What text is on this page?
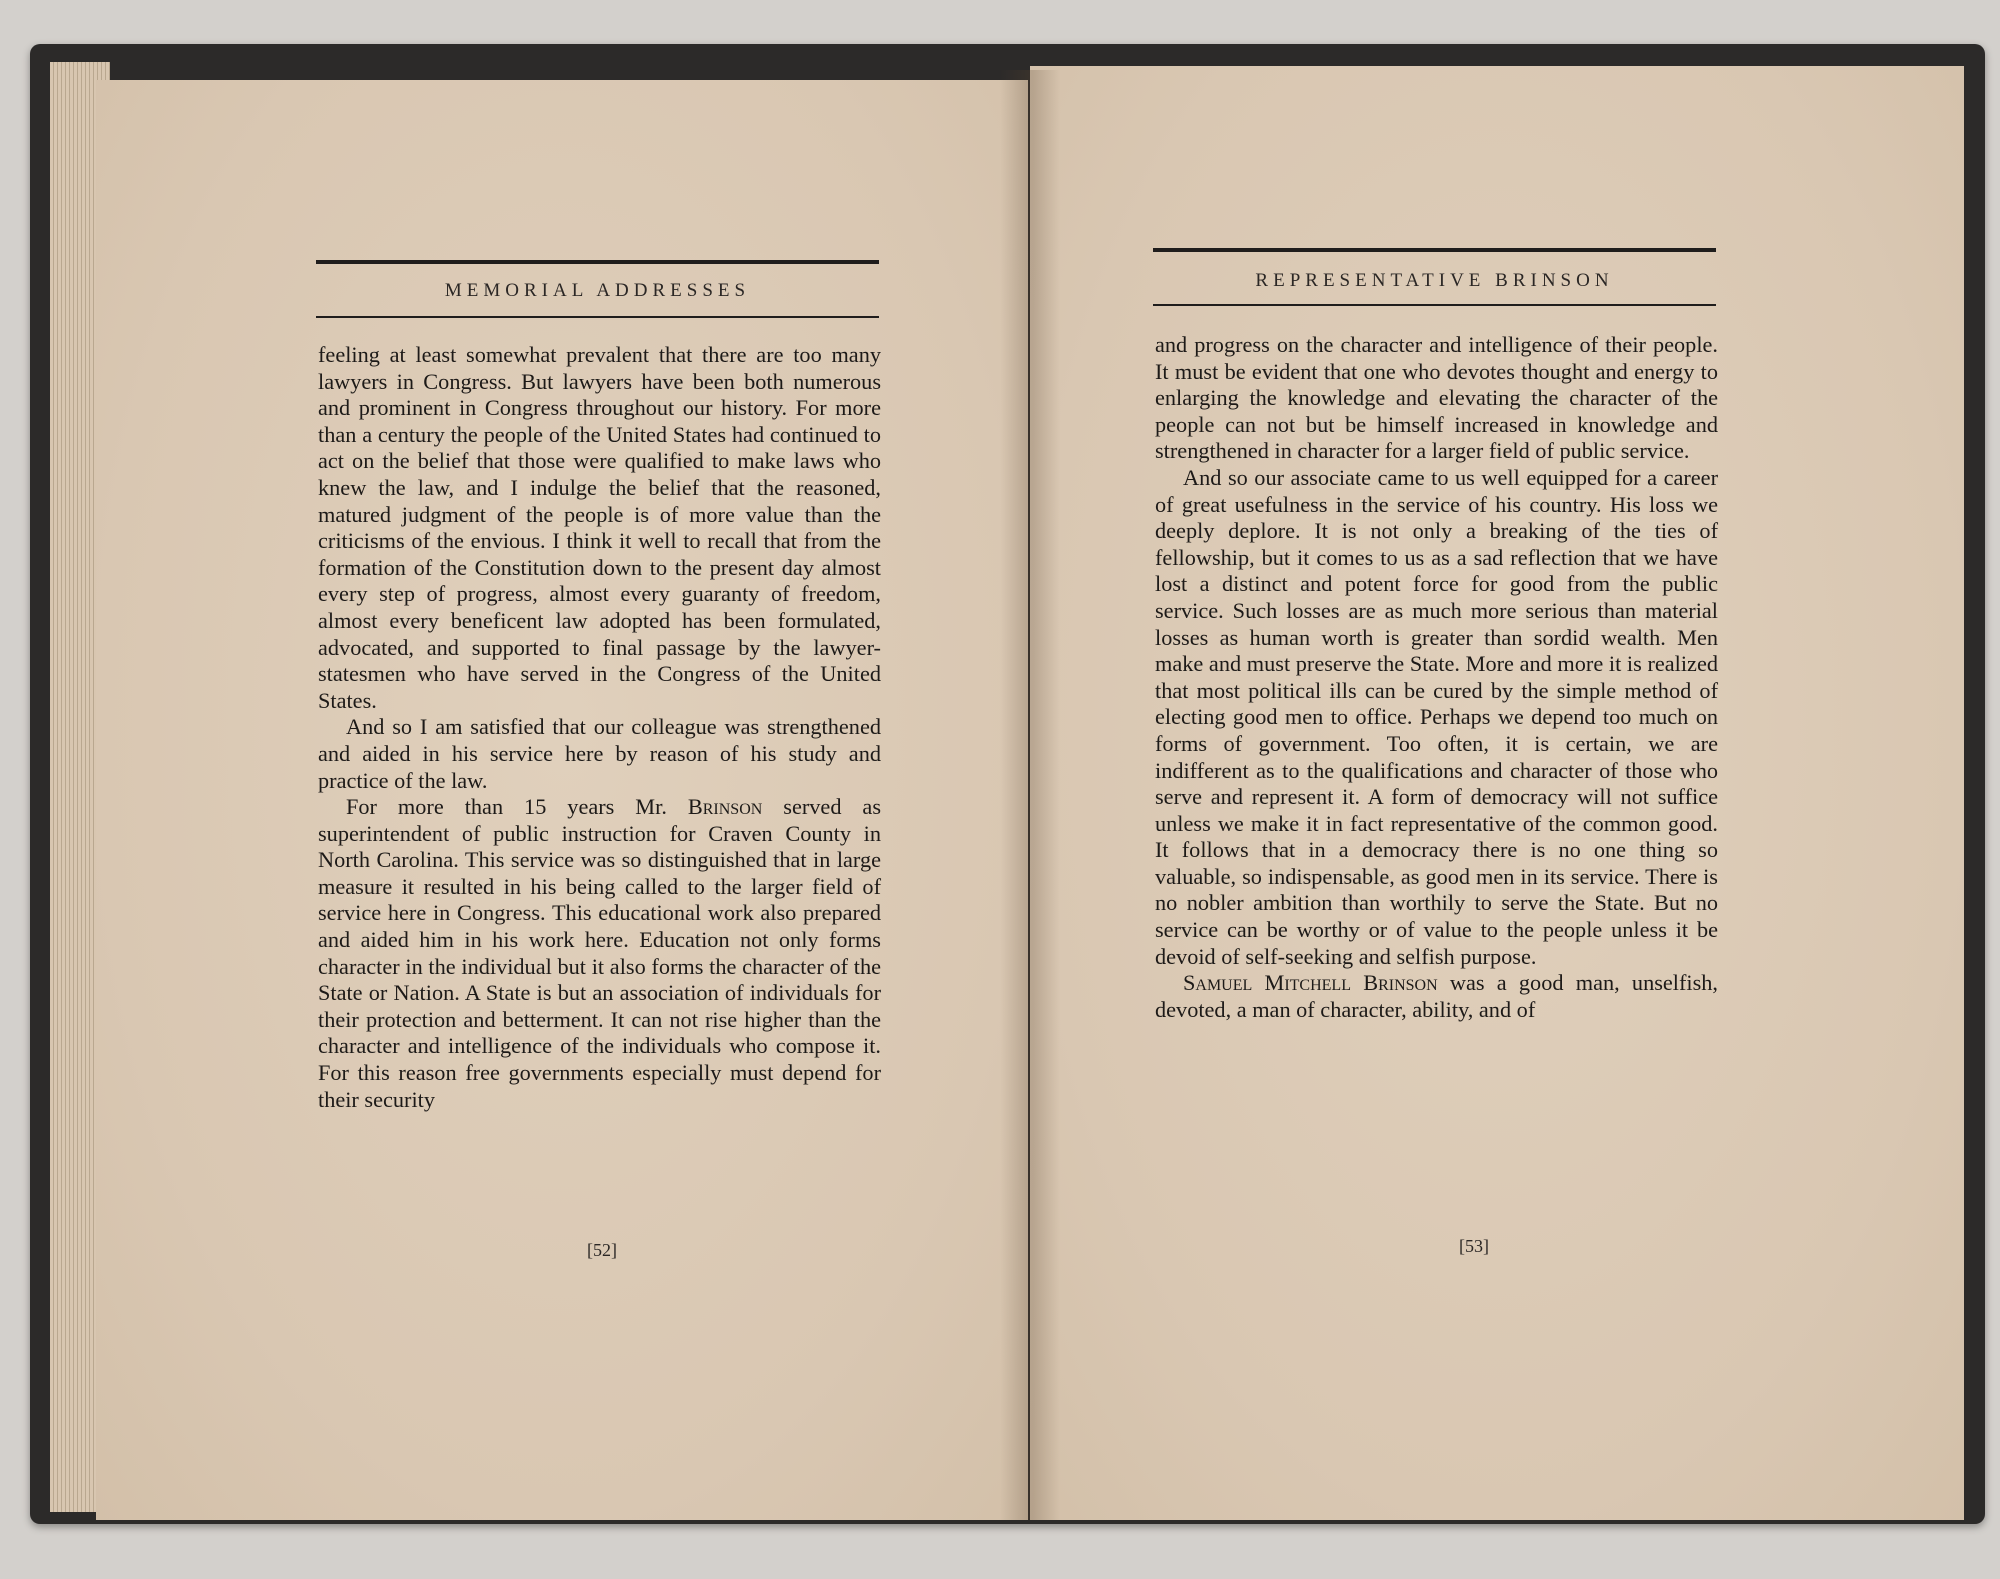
MEMORIAL ADDRESSES

feeling at least somewhat prevalent that there are too many lawyers in Congress. But lawyers have been both numerous and prominent in Congress throughout our history. For more than a century the people of the United States had continued to act on the belief that those were qualified to make laws who knew the law, and I indulge the belief that the reasoned, matured judgment of the people is of more value than the criticisms of the envious. I think it well to recall that from the formation of the Constitution down to the present day almost every step of progress, almost every guaranty of freedom, almost every beneficent law adopted has been formulated, advocated, and supported to final passage by the lawyer-statesmen who have served in the Congress of the United States.

And so I am satisfied that our colleague was strengthened and aided in his service here by reason of his study and practice of the law.

For more than 15 years Mr. Brinson served as superintendent of public instruction for Craven County in North Carolina. This service was so distinguished that in large measure it resulted in his being called to the larger field of service here in Congress. This educational work also prepared and aided him in his work here. Education not only forms character in the individual but it also forms the character of the State or Nation. A State is but an association of individuals for their protection and betterment. It can not rise higher than the character and intelligence of the individuals who compose it. For this reason free governments especially must depend for their security

[52]
REPRESENTATIVE BRINSON

and progress on the character and intelligence of their people. It must be evident that one who devotes thought and energy to enlarging the knowledge and elevating the character of the people can not but be himself increased in knowledge and strengthened in character for a larger field of public service.

And so our associate came to us well equipped for a career of great usefulness in the service of his country. His loss we deeply deplore. It is not only a breaking of the ties of fellowship, but it comes to us as a sad reflection that we have lost a distinct and potent force for good from the public service. Such losses are as much more serious than material losses as human worth is greater than sordid wealth. Men make and must preserve the State. More and more it is realized that most political ills can be cured by the simple method of electing good men to office. Perhaps we depend too much on forms of government. Too often, it is certain, we are indifferent as to the qualifications and character of those who serve and represent it. A form of democracy will not suffice unless we make it in fact representative of the common good. It follows that in a democracy there is no one thing so valuable, so indispensable, as good men in its service. There is no nobler ambition than worthily to serve the State. But no service can be worthy or of value to the people unless it be devoid of self-seeking and selfish purpose.

Samuel Mitchell Brinson was a good man, unselfish, devoted, a man of character, ability, and of

[53]
